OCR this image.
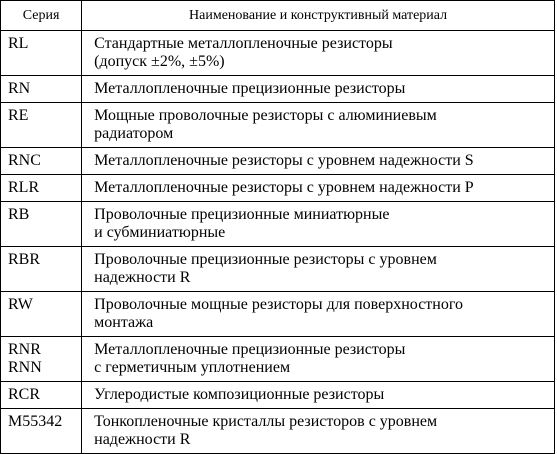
Серия	Наименование и конструктивный материал
RL	Стандартные металлопленочные резисторы
(допуск ±2%, ±5%)

RN	Металлопленочные прецизионные резисторы

RE	Мощные проволочные резисторы с алюминиевым
радиатором

RNC	Металлопленочные резисторы с уровнем надежности S

RLR	Металлопленочные резисторы с уровнем надежности P

RB	Проволочные прецизионные миниатюрные
и субминиатюрные

RBR	Проволочные прецизионные резисторы с уровнем
надежности R

RW	Проволочные мощные резисторы для поверхностного
монтажа

RNR
RNN	Металлопленочные прецизионные резисторы
с герметичным уплотнением

RCR	Углеродистые композиционные резисторы

M55342	Тонкопленочные кристаллы резисторов с уровнем
надежности R
